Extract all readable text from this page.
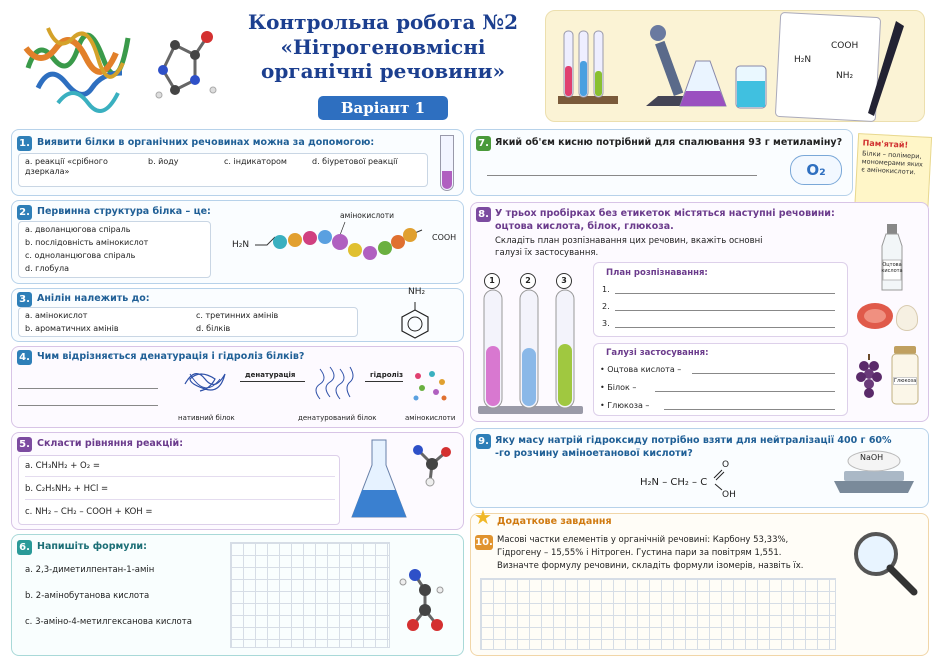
Контрольна робота №2
«Нітрогеновмісні
органічні речовини»
Варіант 1
COOH
H₂N
NH₂
1. Виявити білки в органічних речовинах можна за допомогою:
а. реакції «срібного дзеркала»
b. йоду	c. індикатором	d. біуретової реакції
2. Первинна структура білка – це:
а. дволанцюгова спіраль
b. послідовність амінокислот
c. одноланцюгова спіраль
d. глобула
H₂N
амінокислоти
COOH
3. Анілін належить до:
а. амінокислот
b. ароматичних амінів
c. третинних амінів
d. білків
NH₂
4. Чим відрізняється денатурація і гідроліз білків?
нативний білок
денатурація
денатурований білок
гідроліз
амінокислоти
5. Скласти рівняння реакцій:
а. CH₃NH₂ + O₂ =
b. C₂H₅NH₂ + HCl =
c. NH₂ – CH₂ – COOH + KOH =
6. Напишіть формули:
а. 2,3-диметилпентан-1-амін
b. 2-амінобутанова кислота
c. 3-аміно-4-метилгексанова кислота
7. Який об'єм кисню потрібний для спалювання 93 г метиламіну?
O₂
Пам'ятай!
Білки – полімери, мономерами яких є амінокислоти.
8. У трьох пробірках без етикеток містяться наступні речовини:
оцтова кислота, білок, глюкоза.
Складіть план розпізнавання цих речовин, вкажіть основні
галузі їх застосування.
1	2	3
План розпізнавання:
1.
2.
3.
Галузі застосування:
• Оцтова кислота –
• Білок –
• Глюкоза –
Оцтова кислота
Глюкоза
9. Яку масу натрій гідроксиду потрібно взяти для нейтралізації 400 г 60%
-го розчину аміноетанової кислоти?
H₂N – CH₂ – C
O
OH
NaOH
★ Додаткове завдання
10. Масові частки елементів у органічній речовині: Карбону 53,33%,
Гідрогену – 15,55% і Нітроген. Густина пари за повітрям 1,551.
Визначте формулу речовини, складіть формули ізомерів, назвіть їх.
